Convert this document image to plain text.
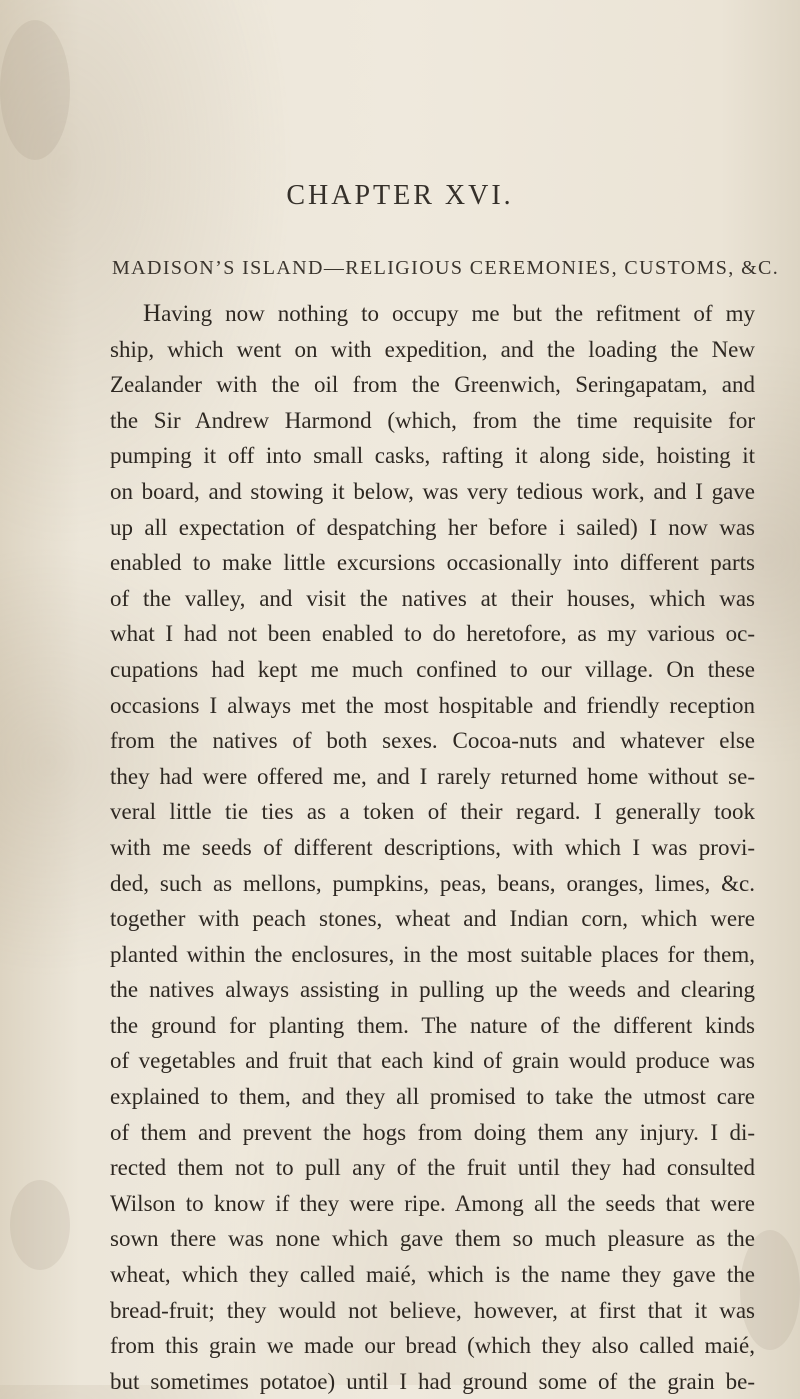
CHAPTER XVI.
MADISON’S ISLAND—RELIGIOUS CEREMONIES, CUSTOMS, &C.
Having now nothing to occupy me but the refitment of my
ship, which went on with expedition, and the loading the New
Zealander with the oil from the Greenwich, Seringapatam, and
the Sir Andrew Harmond (which, from the time requisite for
pumping it off into small casks, rafting it along side, hoisting it
on board, and stowing it below, was very tedious work, and I gave
up all expectation of despatching her before i sailed) I now was
enabled to make little excursions occasionally into different parts
of the valley, and visit the natives at their houses, which was
what I had not been enabled to do heretofore, as my various oc-
cupations had kept me much confined to our village. On these
occasions I always met the most hospitable and friendly reception
from the natives of both sexes. Cocoa-nuts and whatever else
they had were offered me, and I rarely returned home without se-
veral little tie ties as a token of their regard. I generally took
with me seeds of different descriptions, with which I was provi-
ded, such as mellons, pumpkins, peas, beans, oranges, limes, &c.
together with peach stones, wheat and Indian corn, which were
planted within the enclosures, in the most suitable places for them,
the natives always assisting in pulling up the weeds and clearing
the ground for planting them. The nature of the different kinds
of vegetables and fruit that each kind of grain would produce was
explained to them, and they all promised to take the utmost care
of them and prevent the hogs from doing them any injury. I di-
rected them not to pull any of the fruit until they had consulted
Wilson to know if they were ripe. Among all the seeds that were
sown there was none which gave them so much pleasure as the
wheat, which they called maié, which is the name they gave the
bread-fruit; they would not believe, however, at first that it was
from this grain we made our bread (which they also called maié,
but sometimes potatoe) until I had ground some of the grain be-
